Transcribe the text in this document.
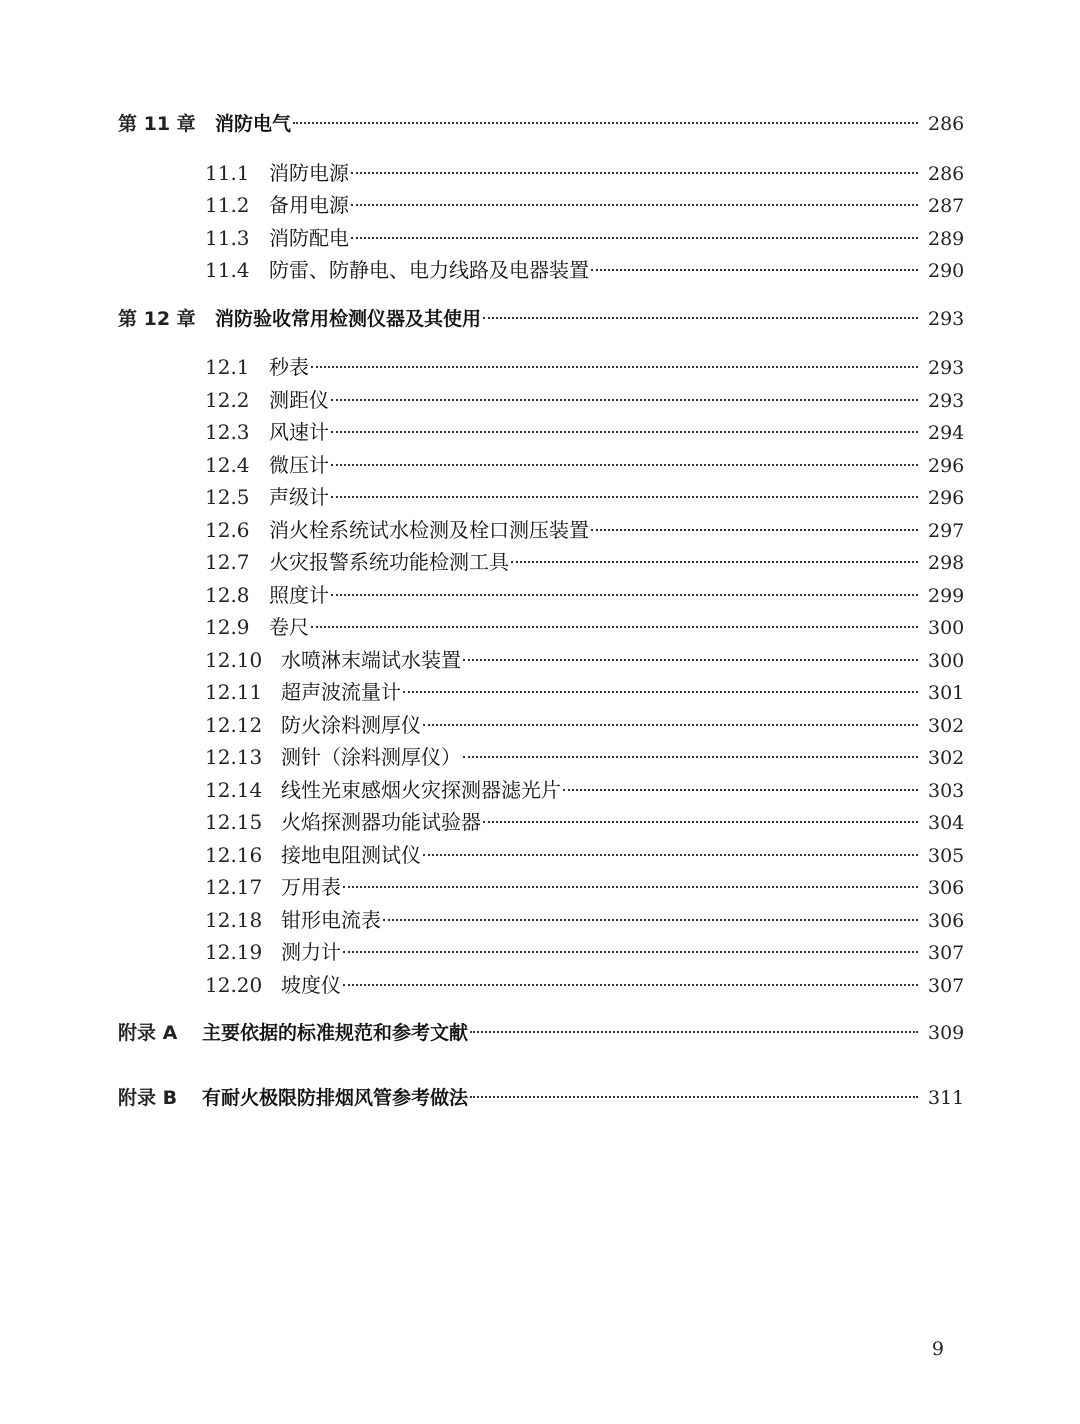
第 11 章	消防电气	286
11.1 消防电源	286
11.2 备用电源	287
11.3 消防配电	289
11.4 防雷、防静电、电力线路及电器装置	290
第 12 章	消防验收常用检测仪器及其使用	293
12.1 秒表	293
12.2 测距仪	293
12.3 风速计	294
12.4 微压计	296
12.5 声级计	296
12.6 消火栓系统试水检测及栓口测压装置	297
12.7 火灾报警系统功能检测工具	298
12.8 照度计	299
12.9 卷尺	300
12.10 水喷淋末端试水装置	300
12.11 超声波流量计	301
12.12 防火涂料测厚仪	302
12.13 测针（涂料测厚仪）	302
12.14 线性光束感烟火灾探测器滤光片	303
12.15 火焰探测器功能试验器	304
12.16 接地电阻测试仪	305
12.17 万用表	306
12.18 钳形电流表	306
12.19 测力计	307
12.20 坡度仪	307
附录 A	主要依据的标准规范和参考文献	309
附录 B	有耐火极限防排烟风管参考做法	311
9
